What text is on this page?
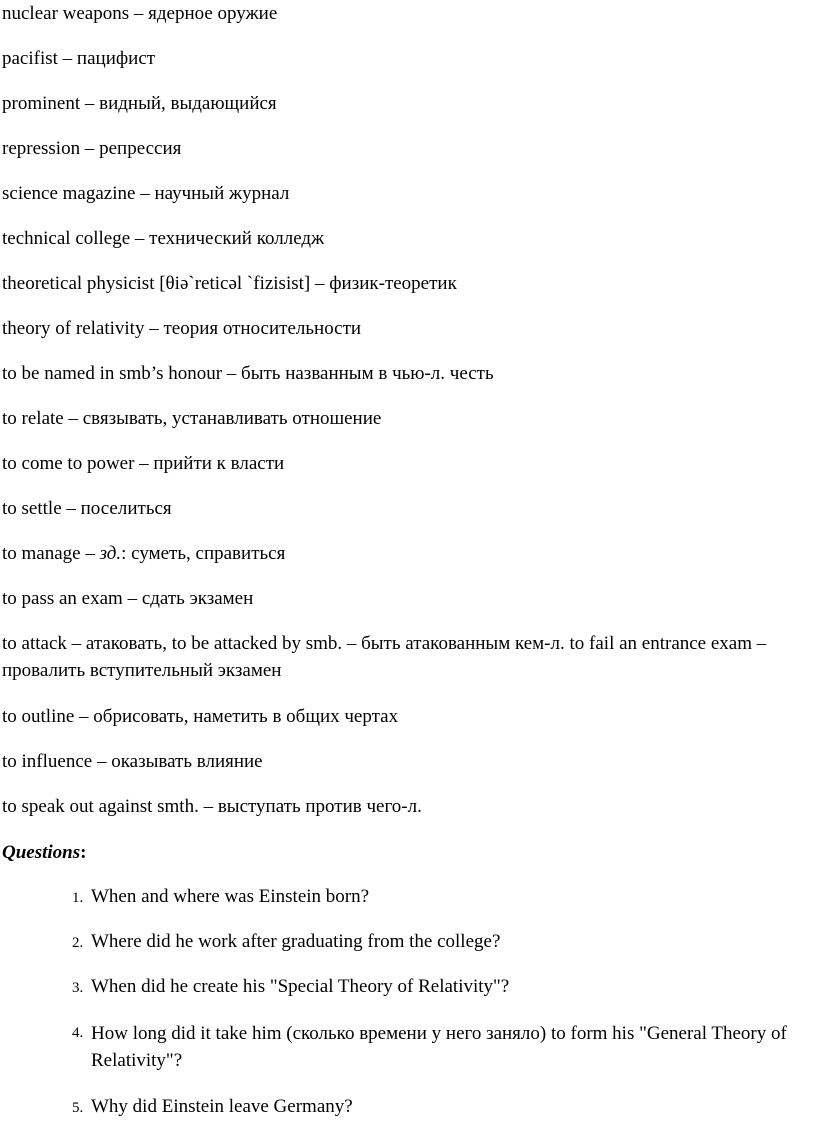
nuclear weapons – ядерное оружие
pacifist – пацифист
prominent – видный, выдающийся
repression – репрессия
science magazine – научный журнал
technical college – технический колледж
theoretical physicist [θiə`reticəl `fizisist] – физик-теоретик
theory of relativity – теория относительности
to be named in smb’s honour – быть названным в чью-л. честь
to relate – связывать, устанавливать отношение
to come to power – прийти к власти
to settle – поселиться
to manage – зд.: суметь, справиться
to pass an exam – сдать экзамен
to attack – атаковать, to be attacked by smb. – быть атакованным кем-л. to fail an entrance exam – провалить вступительный экзамен
to outline – обрисовать, наметить в общих чертах
to influence – оказывать влияние
to speak out against smth. – выступать против чего-л.
Questions:
1. When and where was Einstein born?
2. Where did he work after graduating from the college?
3. When did he create his "Special Theory of Relativity"?
4. How long did it take him (сколько времени у него заняло) to form his "General Theory of Relativity"?
5. Why did Einstein leave Germany?
